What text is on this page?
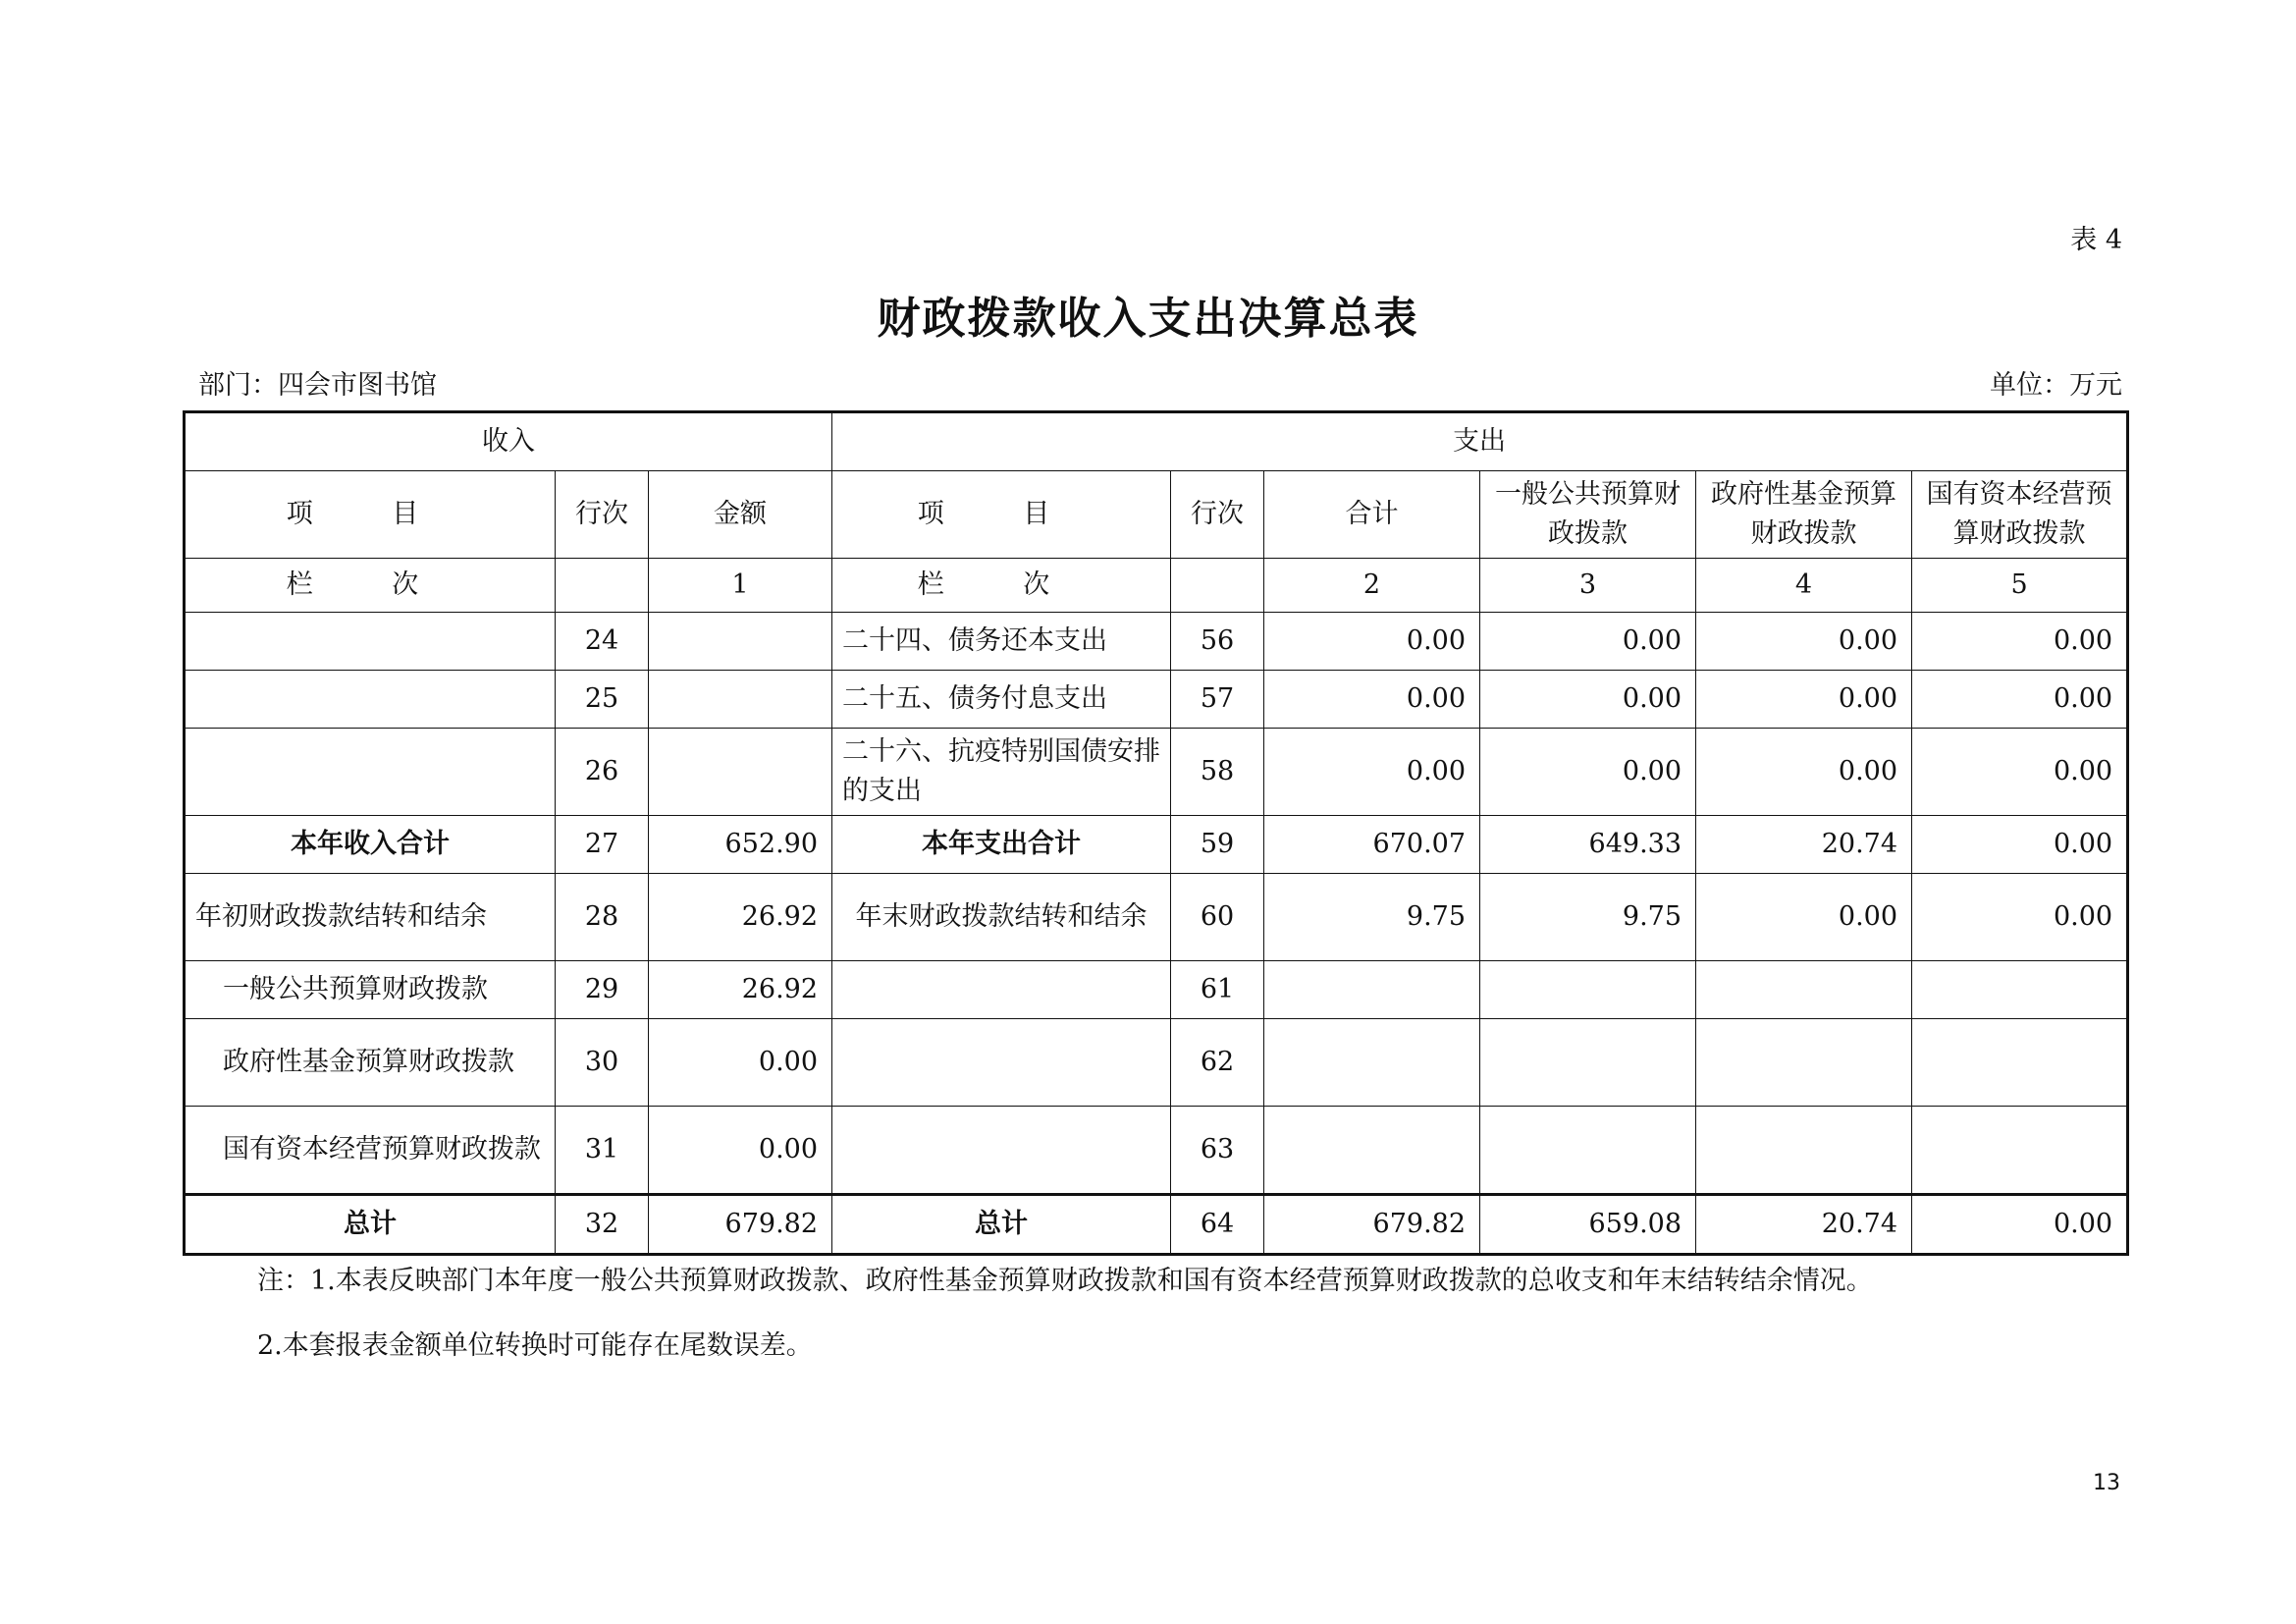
表 4
财政拨款收入支出决算总表
部门：四会市图书馆	单位：万元
收入			支出					
项 目	行次	金额	项 目	行次	合计	一般公共预算财政拨款	政府性基金预算财政拨款	国有资本经营预算财政拨款
栏 次		1	栏 次		2	3	4	5
	24		二十四、债务还本支出	56	0.00	0.00	0.00	0.00
	25		二十五、债务付息支出	57	0.00	0.00	0.00	0.00
	26		二十六、抗疫特别国债安排的支出	58	0.00	0.00	0.00	0.00
本年收入合计	27	652.90	本年支出合计	59	670.07	649.33	20.74	0.00
年初财政拨款结转和结余	28	26.92	年末财政拨款结转和结余	60	9.75	9.75	0.00	0.00
一般公共预算财政拨款	29	26.92		61				
政府性基金预算财政拨款	30	0.00		62				
国有资本经营预算财政拨款	31	0.00		63				
总计	32	679.82	总计	64	679.82	659.08	20.74	0.00
注：1.本表反映部门本年度一般公共预算财政拨款、政府性基金预算财政拨款和国有资本经营预算财政拨款的总收支和年末结转结余情况。
2.本套报表金额单位转换时可能存在尾数误差。
13
